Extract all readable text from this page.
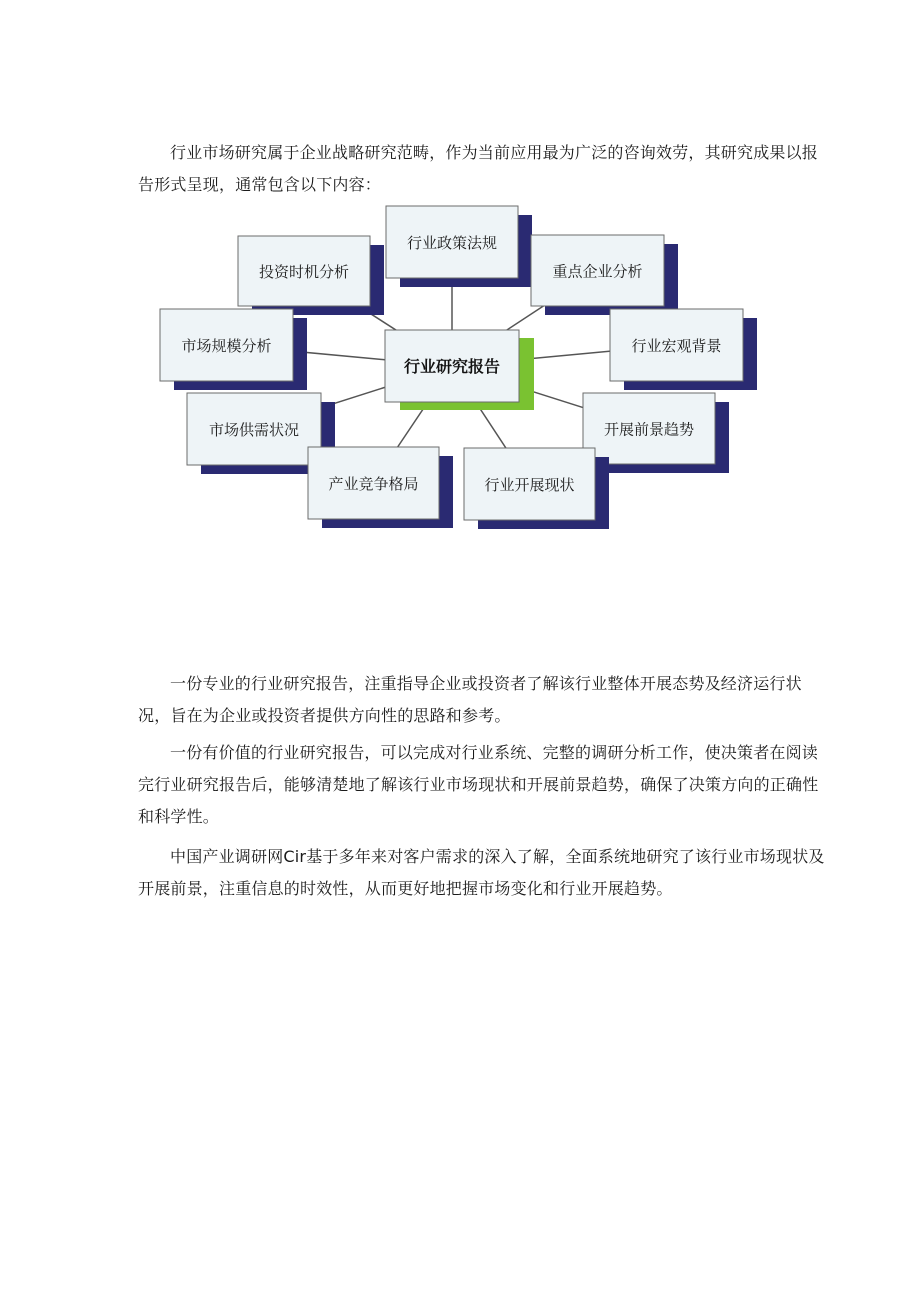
行业市场研究属于企业战略研究范畴，作为当前应用最为广泛的咨询效劳，其研究成果以报告形式呈现，通常包含以下内容：

行业政策法规
投资时机分析	重点企业分析
市场规模分析	行业宏观背景
市场供需状况	开展前景趋势
产业竞争格局	行业开展现状
行业研究报告

一份专业的行业研究报告，注重指导企业或投资者了解该行业整体开展态势及经济运行状况，旨在为企业或投资者提供方向性的思路和参考。

一份有价值的行业研究报告，可以完成对行业系统、完整的调研分析工作，使决策者在阅读完行业研究报告后，能够清楚地了解该行业市场现状和开展前景趋势，确保了决策方向的正确性和科学性。

中国产业调研网Cir基于多年来对客户需求的深入了解，全面系统地研究了该行业市场现状及开展前景，注重信息的时效性，从而更好地把握市场变化和行业开展趋势。
